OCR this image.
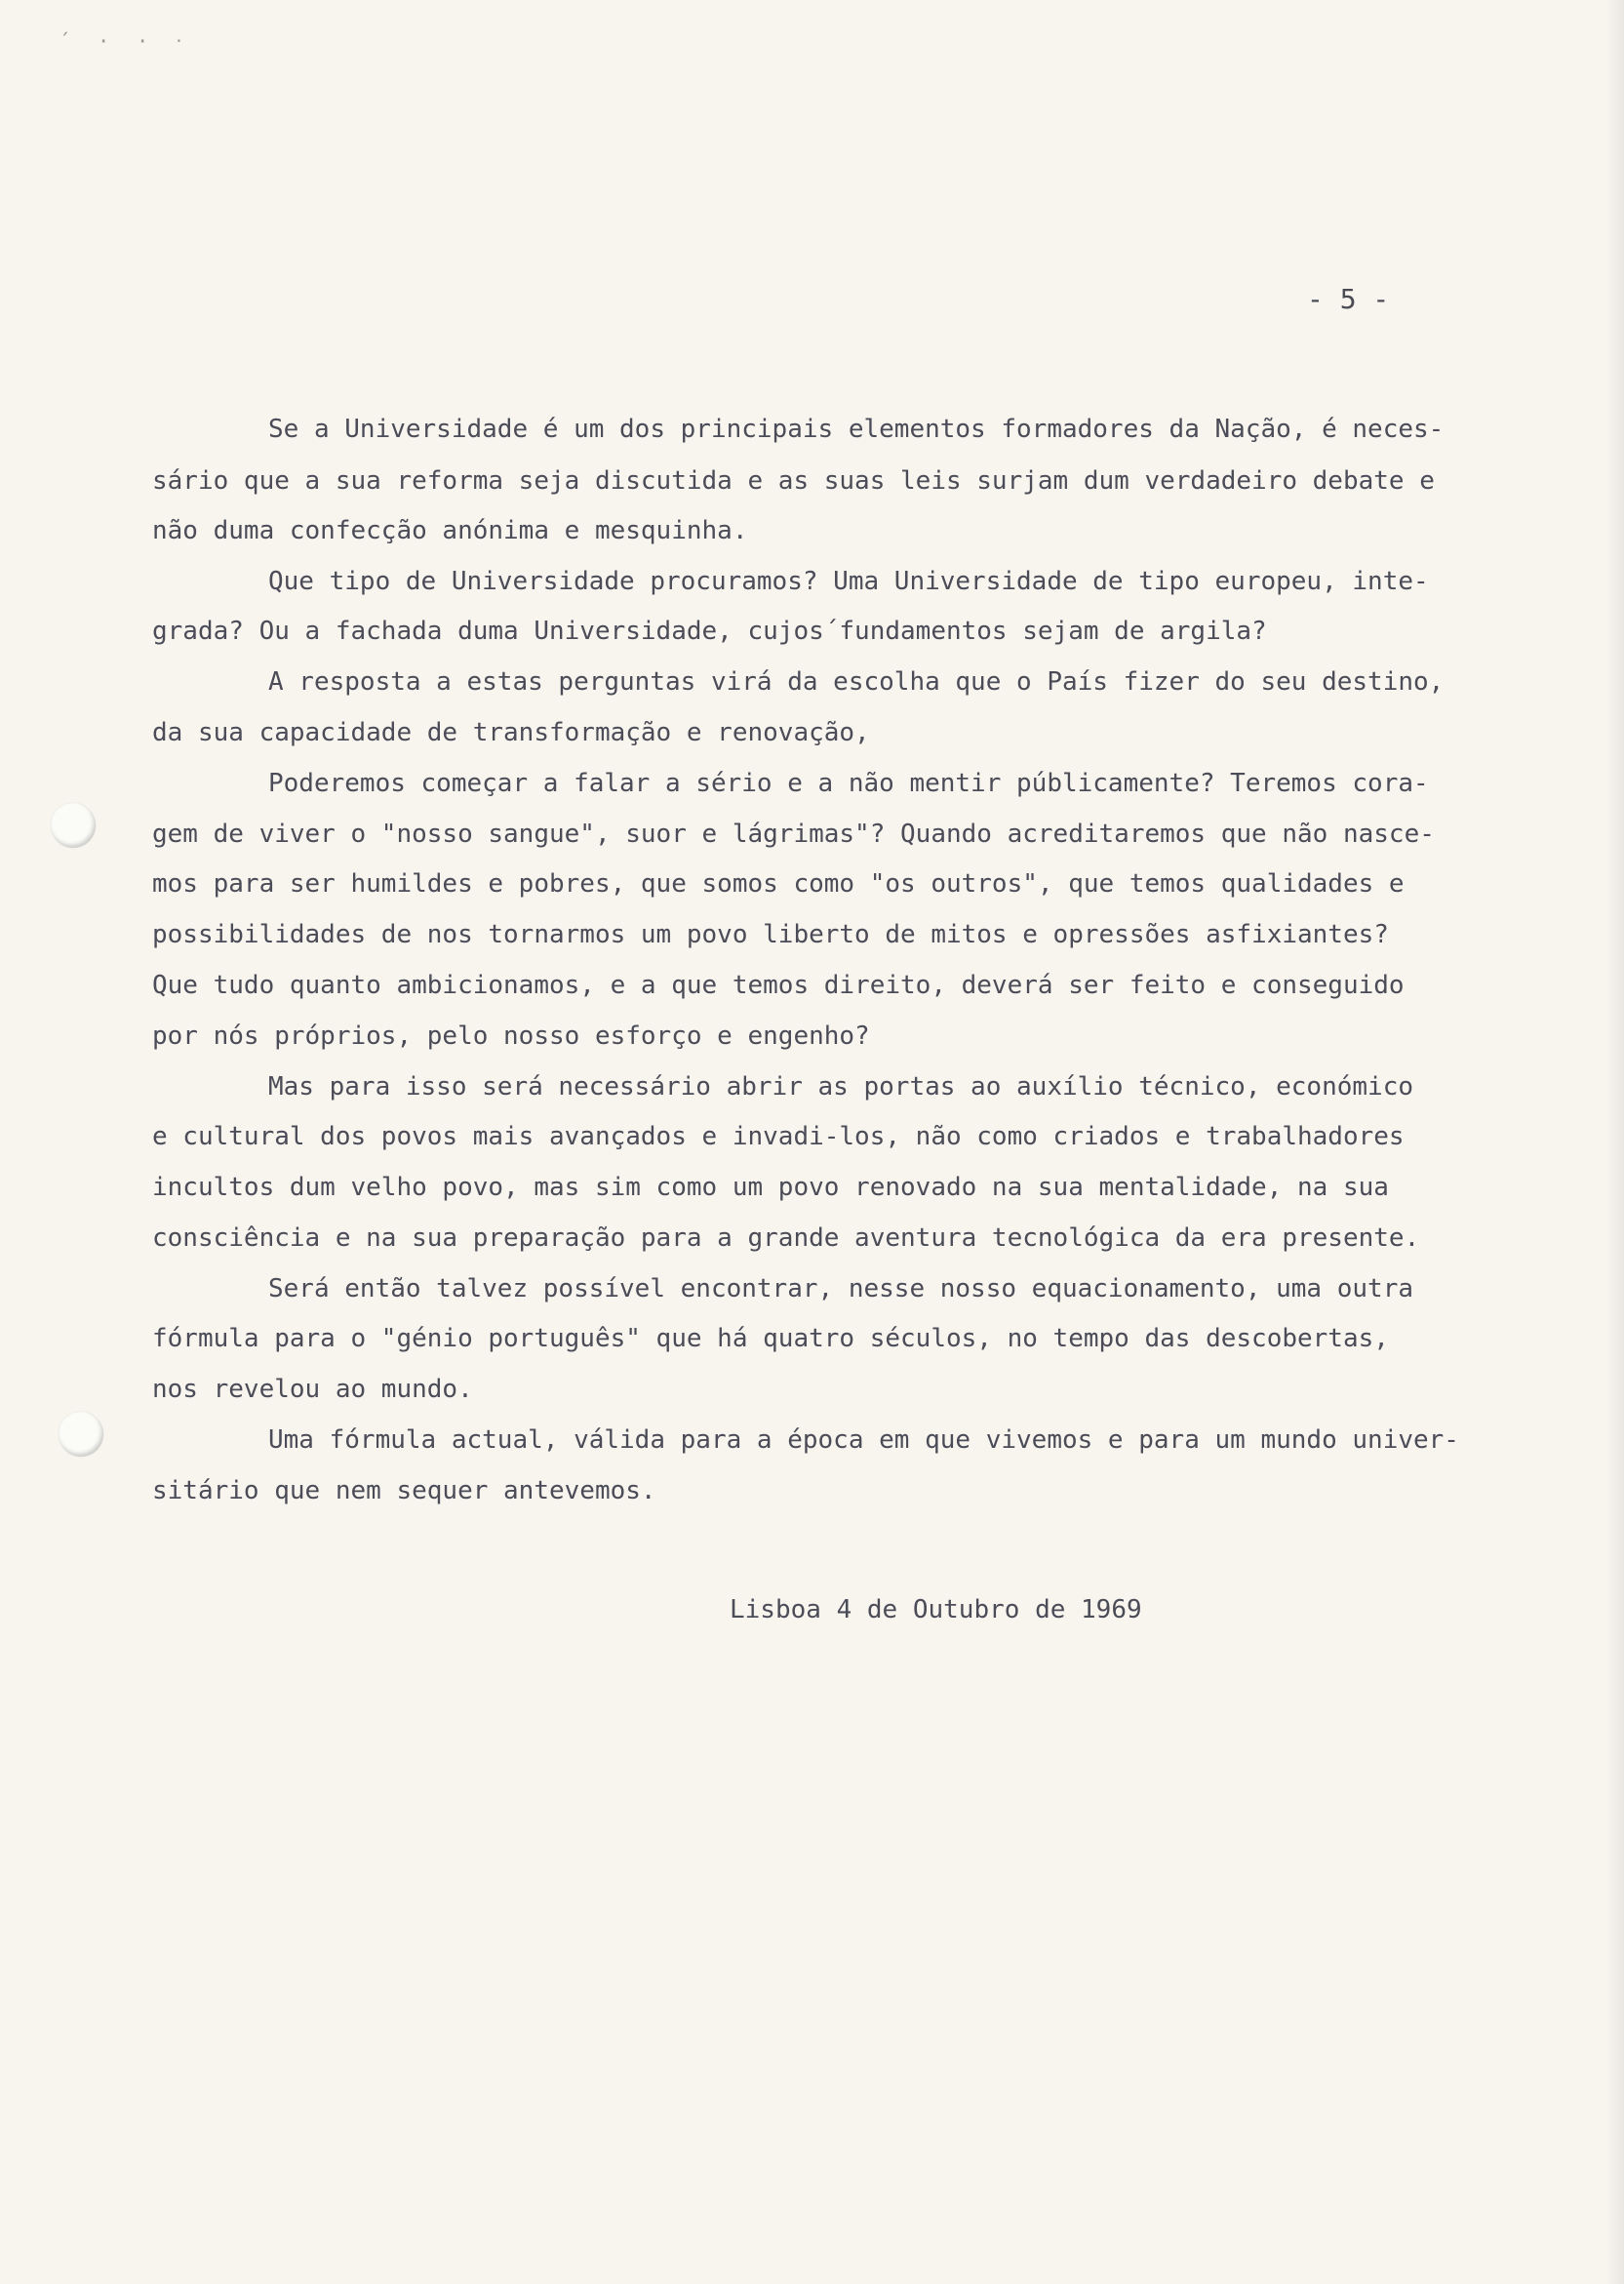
´ · · ‧
- 5 -
Se a Universidade é um dos principais elementos formadores da Nação, é neces-
sário que a sua reforma seja discutida e as suas leis surjam dum verdadeiro debate e
não duma confecção anónima e mesquinha.
Que tipo de Universidade procuramos? Uma Universidade de tipo europeu, inte-
grada? Ou a fachada duma Universidade, cujos´fundamentos sejam de argila?
A resposta a estas perguntas virá da escolha que o País fizer do seu destino,
da sua capacidade de transformação e renovação,
Poderemos começar a falar a sério e a não mentir públicamente? Teremos cora-
gem de viver o "nosso sangue", suor e lágrimas"? Quando acreditaremos que não nasce-
mos para ser humildes e pobres, que somos como "os outros", que temos qualidades e
possibilidades de nos tornarmos um povo liberto de mitos e opressões asfixiantes?
Que tudo quanto ambicionamos, e a que temos direito, deverá ser feito e conseguido
por nós próprios, pelo nosso esforço e engenho?
Mas para isso será necessário abrir as portas ao auxílio técnico, económico
e cultural dos povos mais avançados e invadi-los, não como criados e trabalhadores
incultos dum velho povo, mas sim como um povo renovado na sua mentalidade, na sua
consciência e na sua preparação para a grande aventura tecnológica da era presente.
Será então talvez possível encontrar, nesse nosso equacionamento, uma outra
fórmula para o "génio português" que há quatro séculos, no tempo das descobertas,
nos revelou ao mundo.
Uma fórmula actual, válida para a época em que vivemos e para um mundo univer-
sitário que nem sequer antevemos.
Lisboa 4 de Outubro de 1969
